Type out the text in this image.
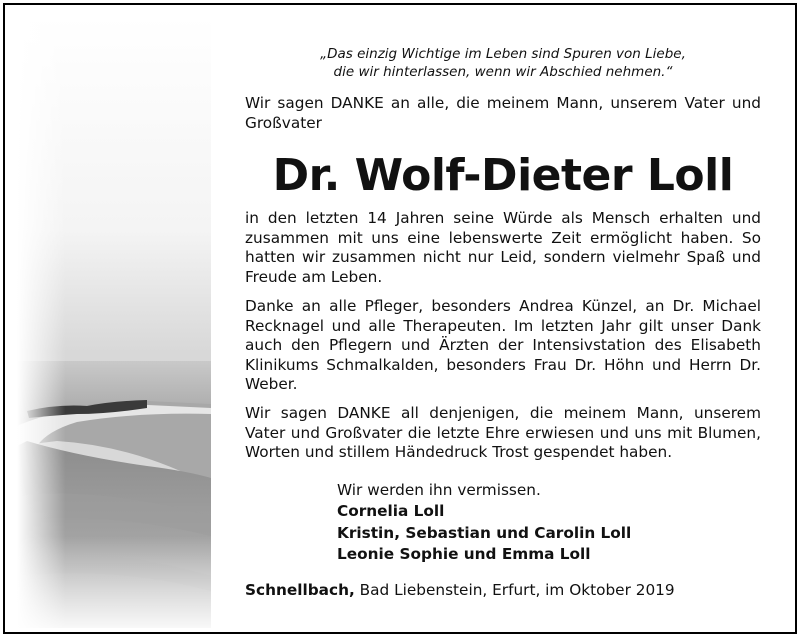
„Das einzig Wichtige im Leben sind Spuren von Liebe,
die wir hinterlassen, wenn wir Abschied nehmen.“
Wir sagen DANKE an alle, die meinem Mann, unserem Vater und Großvater
Dr. Wolf-Dieter Loll
in den letzten 14 Jahren seine Würde als Mensch erhalten und zusammen mit uns eine lebenswerte Zeit ermöglicht haben. So hatten wir zusammen nicht nur Leid, sondern vielmehr Spaß und Freude am Leben.
Danke an alle Pfleger, besonders Andrea Künzel, an Dr. Michael Recknagel und alle Therapeuten. Im letzten Jahr gilt unser Dank auch den Pflegern und Ärzten der Intensivstation des Elisabeth Klinikums Schmalkalden, besonders Frau Dr. Höhn und Herrn Dr. Weber.
Wir sagen DANKE all denjenigen, die meinem Mann, unserem Vater und Großvater die letzte Ehre erwiesen und uns mit Blumen, Worten und stillem Händedruck Trost gespendet haben.
Wir werden ihn vermissen.
Cornelia Loll
Kristin, Sebastian und Carolin Loll
Leonie Sophie und Emma Loll
Schnellbach, Bad Liebenstein, Erfurt, im Oktober 2019
